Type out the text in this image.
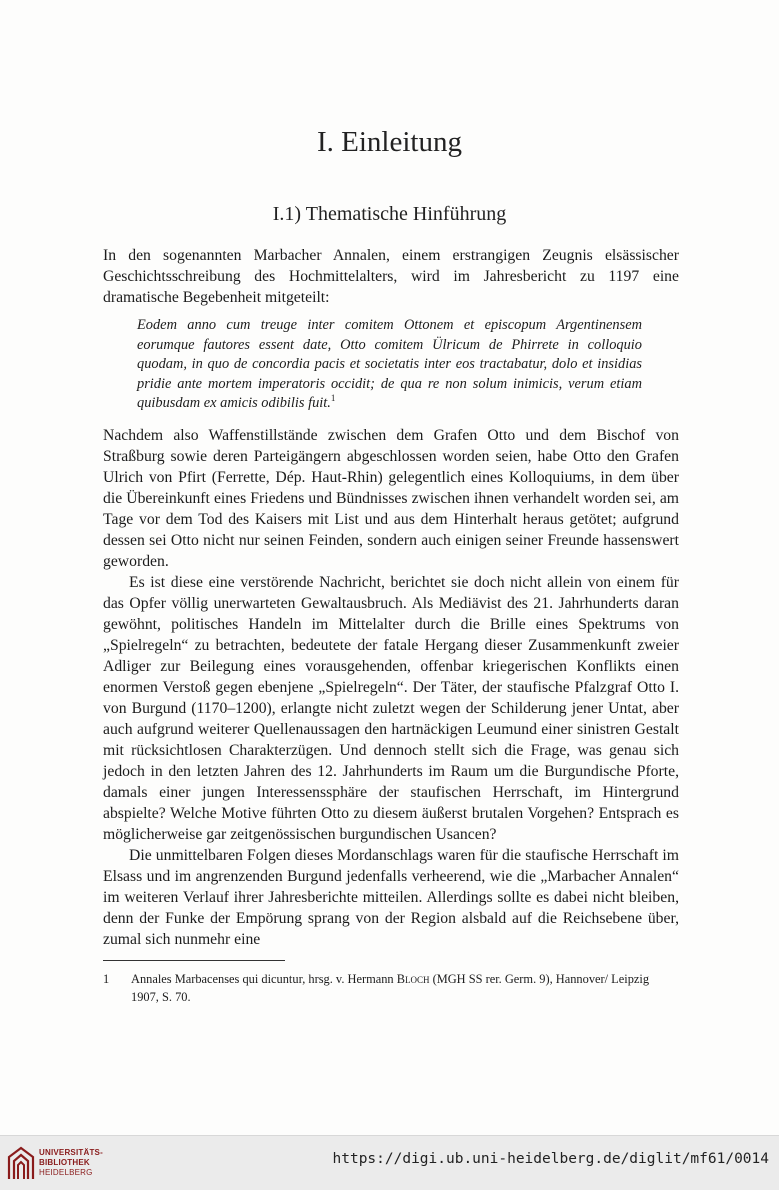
I. Einleitung
I.1) Thematische Hinführung

In den sogenannten Marbacher Annalen, einem erstrangigen Zeugnis elsässischer Geschichtsschreibung des Hochmittelalters, wird im Jahresbericht zu 1197 eine dramatische Begebenheit mitgeteilt:

Eodem anno cum treuge inter comitem Ottonem et episcopum Argentinensem eorumque fautores essent date, Otto comitem Ülricum de Phirrete in colloquio quodam, in quo de concordia pacis et societatis inter eos tractabatur, dolo et insidias pridie ante mortem imperatoris occidit; de qua re non solum inimicis, verum etiam quibusdam ex amicis odibilis fuit.$^1$

Nachdem also Waffenstillstände zwischen dem Grafen Otto und dem Bischof von Straßburg sowie deren Parteigängern abgeschlossen worden seien, habe Otto den Grafen Ulrich von Pfirt (Ferrette, Dép. Haut-Rhin) gelegentlich eines Kolloquiums, in dem über die Übereinkunft eines Friedens und Bündnisses zwischen ihnen verhandelt worden sei, am Tage vor dem Tod des Kaisers mit List und aus dem Hinterhalt heraus getötet; aufgrund dessen sei Otto nicht nur seinen Feinden, sondern auch einigen seiner Freunde hassenswert geworden.

Es ist diese eine verstörende Nachricht, berichtet sie doch nicht allein von einem für das Opfer völlig unerwarteten Gewaltausbruch. Als Mediävist des 21. Jahrhunderts daran gewöhnt, politisches Handeln im Mittelalter durch die Brille eines Spektrums von „Spielregeln“ zu betrachten, bedeutete der fatale Hergang dieser Zusammenkunft zweier Adliger zur Beilegung eines vorausgehenden, offenbar kriegerischen Konflikts einen enormen Verstoß gegen ebenjene „Spielregeln“. Der Täter, der staufische Pfalzgraf Otto I. von Burgund (1170–1200), erlangte nicht zuletzt wegen der Schilderung jener Untat, aber auch aufgrund weiterer Quellenaussagen den hartnäckigen Leumund einer sinistren Gestalt mit rücksichtlosen Charakterzügen. Und dennoch stellt sich die Frage, was genau sich jedoch in den letzten Jahren des 12. Jahrhunderts im Raum um die Burgundische Pforte, damals einer jungen Interessenssphäre der staufischen Herrschaft, im Hintergrund abspielte? Welche Motive führten Otto zu diesem äußerst brutalen Vorgehen? Entsprach es möglicherweise gar zeitgenössischen burgundischen Usancen?

Die unmittelbaren Folgen dieses Mordanschlags waren für die staufische Herrschaft im Elsass und im angrenzenden Burgund jedenfalls verheerend, wie die „Marbacher Annalen“ im weiteren Verlauf ihrer Jahresberichte mitteilen. Allerdings sollte es dabei nicht bleiben, denn der Funke der Empörung sprang von der Region alsbald auf die Reichsebene über, zumal sich nunmehr eine

1	Annales Marbacenses qui dicuntur, hrsg. v. Hermann Bloch (MGH SS rer. Germ. 9), Hannover/ Leipzig 1907, S. 70.
UNIVERSITÄTS-
BIBLIOTHEK
HEIDELBERG
https://digi.ub.uni-heidelberg.de/diglit/mf61/0014
